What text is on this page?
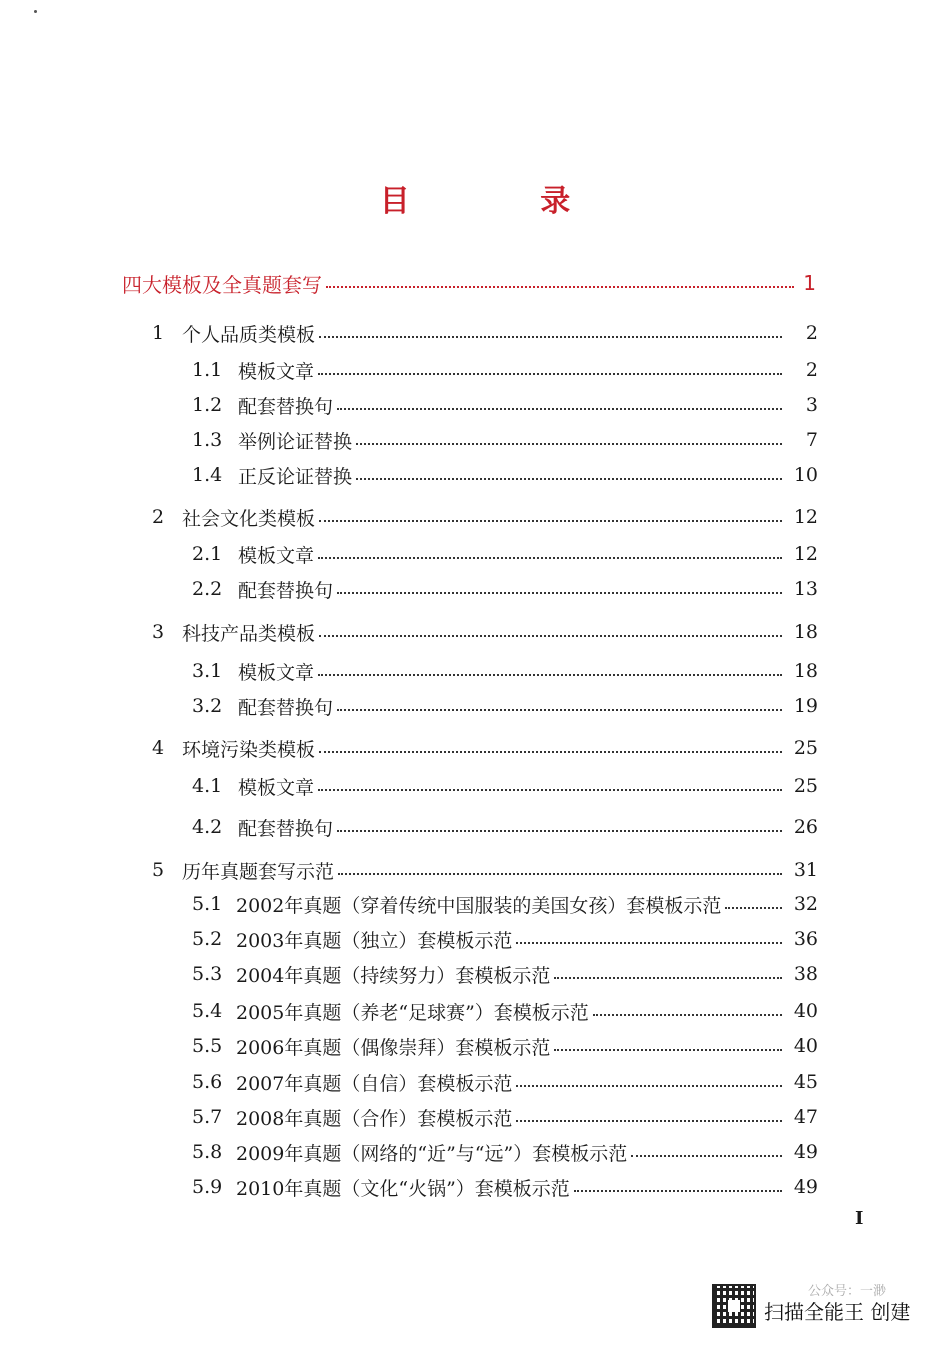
目 录
四大模板及全真题套写	1
1 个人品质类模板	2
1.1 模板文章	2
1.2 配套替换句	3
1.3 举例论证替换	7
1.4 正反论证替换	10
2 社会文化类模板	12
2.1 模板文章	12
2.2 配套替换句	13
3 科技产品类模板	18
3.1 模板文章	18
3.2 配套替换句	19
4 环境污染类模板	25
4.1 模板文章	25
4.2 配套替换句	26
5 历年真题套写示范	31
5.1 2002年真题（穿着传统中国服装的美国女孩）套模板示范	32
5.2 2003年真题（独立）套模板示范	36
5.3 2004年真题（持续努力）套模板示范	38
5.4 2005年真题（养老“足球赛”）套模板示范	40
5.5 2006年真题（偶像崇拜）套模板示范	40
5.6 2007年真题（自信）套模板示范	45
5.7 2008年真题（合作）套模板示范	47
5.8 2009年真题（网络的“近”与“远”）套模板示范	49
5.9 2010年真题（文化“火锅”）套模板示范	49
I
公众号：一渺
扫描全能王 创建
